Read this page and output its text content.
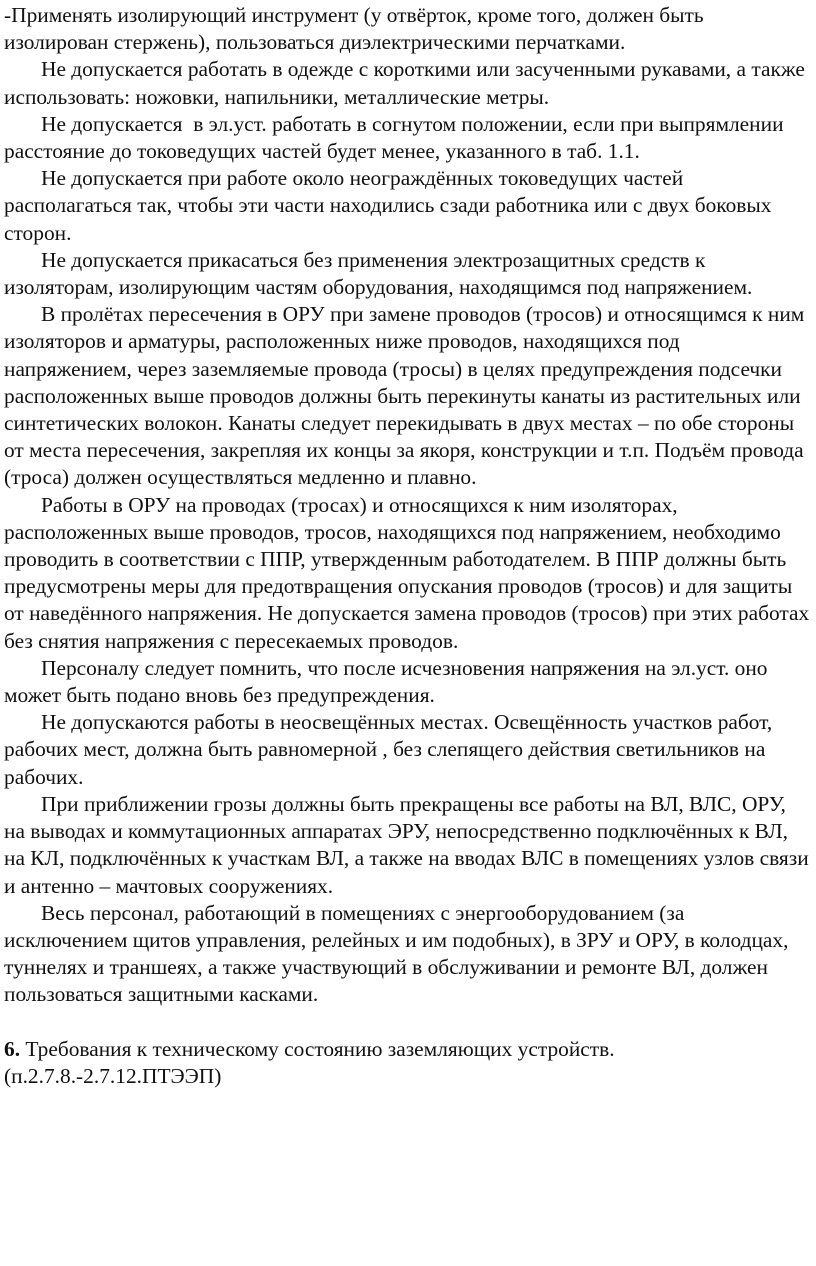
-Применять изолирующий инструмент (у отвёрток, кроме того, должен быть изолирован стержень), пользоваться диэлектрическими перчатками.

Не допускается работать в одежде с короткими или засученными рукавами, а также использовать: ножовки, напильники, металлические метры.

Не допускается  в эл.уст. работать в согнутом положении, если при выпрямлении расстояние до токоведущих частей будет менее, указанного в таб. 1.1.

Не допускается при работе около неограждённых токоведущих частей располагаться так, чтобы эти части находились сзади работника или с двух боковых сторон.

Не допускается прикасаться без применения электрозащитных средств к изоляторам, изолирующим частям оборудования, находящимся под напряжением.

В пролётах пересечения в ОРУ при замене проводов (тросов) и относящимся к ним изоляторов и арматуры, расположенных ниже проводов, находящихся под напряжением, через заземляемые провода (тросы) в целях предупреждения подсечки расположенных выше проводов должны быть перекинуты канаты из растительных или синтетических волокон. Канаты следует перекидывать в двух местах – по обе стороны от места пересечения, закрепляя их концы за якоря, конструкции и т.п. Подъём провода (троса) должен осуществляться медленно и плавно.

Работы в ОРУ на проводах (тросах) и относящихся к ним изоляторах, расположенных выше проводов, тросов, находящихся под напряжением, необходимо проводить в соответствии с ППР, утвержденным работодателем. В ППР должны быть предусмотрены меры для предотвращения опускания проводов (тросов) и для защиты от наведённого напряжения. Не допускается замена проводов (тросов) при этих работах без снятия напряжения с пересекаемых проводов.

Персоналу следует помнить, что после исчезновения напряжения на эл.уст. оно может быть подано вновь без предупреждения.

Не допускаются работы в неосвещённых местах. Освещённость участков работ, рабочих мест, должна быть равномерной , без слепящего действия светильников на рабочих.

При приближении грозы должны быть прекращены все работы на ВЛ, ВЛС, ОРУ, на выводах и коммутационных аппаратах ЭРУ, непосредственно подключённых к ВЛ, на КЛ, подключённых к участкам ВЛ, а также на вводах ВЛС в помещениях узлов связи и антенно – мачтовых сооружениях.

Весь персонал, работающий в помещениях с энергооборудованием (за исключением щитов управления, релейных и им подобных), в ЗРУ и ОРУ, в колодцах, туннелях и траншеях, а также участвующий в обслуживании и ремонте ВЛ, должен пользоваться защитными касками.

6. Требования к техническому состоянию заземляющих устройств.

(п.2.7.8.-2.7.12.ПТЭЭП)
